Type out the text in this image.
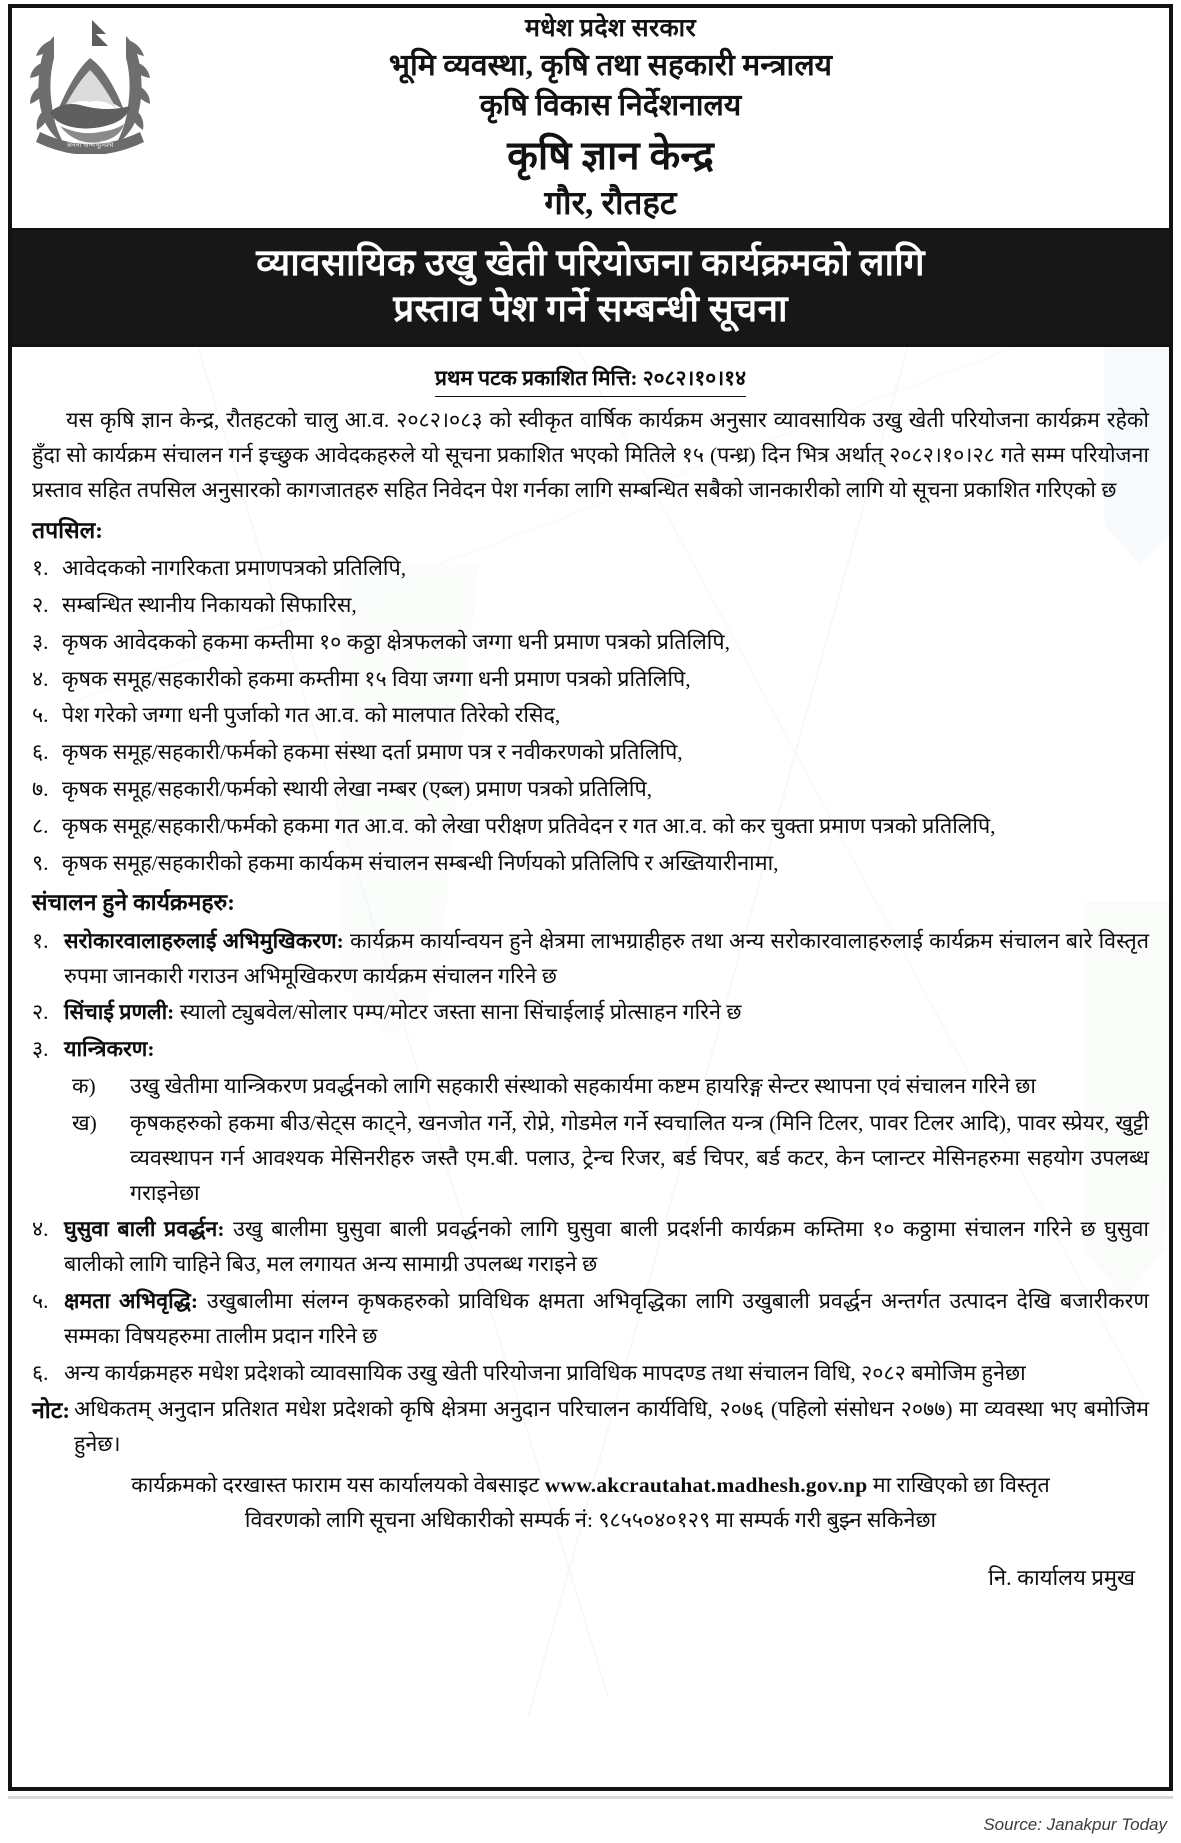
जननी जन्मभूमिश्च
मधेश प्रदेश सरकार
भूमि व्यवस्था, कृषि तथा सहकारी मन्त्रालय
कृषि विकास निर्देशनालय
कृषि ज्ञान केन्द्र
गौर, रौतहट
व्यावसायिक उखु खेती परियोजना कार्यक्रमको लागि
प्रस्ताव पेश गर्ने सम्बन्धी सूचना
प्रथम पटक प्रकाशित मित्ति: २०८२।१०।१४

यस कृषि ज्ञान केन्द्र, रौतहटको चालु आ.व. २०८२।०८३ को स्वीकृत वार्षिक कार्यक्रम अनुसार व्यावसायिक उखु खेती परियोजना कार्यक्रम रहेको हुँदा सो कार्यक्रम संचालन गर्न इच्छुक आवेदकहरुले यो सूचना प्रकाशित भएको मितिले १५ (पन्ध्र) दिन भित्र अर्थात् २०८२।१०।२८ गते सम्म परियोजना प्रस्ताव सहित तपसिल अनुसारको कागजातहरु सहित निवेदन पेश गर्नका लागि सम्बन्धित सबैको जानकारीको लागि यो सूचना प्रकाशित गरिएको छ

तपसिल:
१. आवेदकको नागरिकता प्रमाणपत्रको प्रतिलिपि,
२. सम्बन्धित स्थानीय निकायको सिफारिस,
३. कृषक आवेदकको हकमा कम्तीमा १० कठ्ठा क्षेत्रफलको जग्गा धनी प्रमाण पत्रको प्रतिलिपि,
४. कृषक समूह/सहकारीको हकमा कम्तीमा १५ विया जग्गा धनी प्रमाण पत्रको प्रतिलिपि,
५. पेश गरेको जग्गा धनी पुर्जाको गत आ.व. को मालपात तिरेको रसिद,
६. कृषक समूह/सहकारी/फर्मको हकमा संस्था दर्ता प्रमाण पत्र र नवीकरणको प्रतिलिपि,
७. कृषक समूह/सहकारी/फर्मको स्थायी लेखा नम्बर (एब्ल) प्रमाण पत्रको प्रतिलिपि,
८. कृषक समूह/सहकारी/फर्मको हकमा गत आ.व. को लेखा परीक्षण प्रतिवेदन र गत आ.व. को कर चुक्ता प्रमाण पत्रको प्रतिलिपि,
९. कृषक समूह/सहकारीको हकमा कार्यकम संचालन सम्बन्धी निर्णयको प्रतिलिपि र अख्तियारीनामा,
संचालन हुने कार्यक्रमहरु:
१. सरोकारवालाहरुलाई अभिमुखिकरण: कार्यक्रम कार्यान्वयन हुने क्षेत्रमा लाभग्राहीहरु तथा अन्य सरोकारवालाहरुलाई कार्यक्रम संचालन बारे विस्तृत रुपमा जानकारी गराउन अभिमूखिकरण कार्यक्रम संचालन गरिने छ
२. सिंचाई प्रणली: स्यालो ट्युबवेल/सोलार पम्प/मोटर जस्ता साना सिंचाईलाई प्रोत्साहन गरिने छ
३. यान्त्रिकरण:
क)	उखु खेतीमा यान्त्रिकरण प्रवर्द्धनको लागि सहकारी संस्थाको सहकार्यमा कष्टम हायरिङ्ग सेन्टर स्थापना एवं संचालन गरिने छा
ख)	कृषकहरुको हकमा बीउ/सेट्स काट्ने, खनजोत गर्ने, रोप्ने, गोडमेल गर्ने स्वचालित यन्त्र (मिनि टिलर, पावर टिलर आदि), पावर स्प्रेयर, खुट्टी व्यवस्थापन गर्न आवश्यक मेसिनरीहरु जस्तै एम.बी. पलाउ, ट्रेन्च रिजर, बर्ड चिपर, बर्ड कटर, केन प्लान्टर मेसिनहरुमा सहयोग उपलब्ध गराइनेछा
४. घुसुवा बाली प्रवर्द्धन: उखु बालीमा घुसुवा बाली प्रवर्द्धनको लागि घुसुवा बाली प्रदर्शनी कार्यक्रम कम्तिमा १० कठ्ठामा संचालन गरिने छ घुसुवा बालीको लागि चाहिने बिउ, मल लगायत अन्य सामाग्री उपलब्ध गराइने छ
५. क्षमता अभिवृद्धि: उखुबालीमा संलग्न कृषकहरुको प्राविधिक क्षमता अभिवृद्धिका लागि उखुबाली प्रवर्द्धन अन्तर्गत उत्पादन देखि बजारीकरण सम्मका विषयहरुमा तालीम प्रदान गरिने छ
६. अन्य कार्यक्रमहरु मधेश प्रदेशको व्यावसायिक उखु खेती परियोजना प्राविधिक मापदण्ड तथा संचालन विधि, २०८२ बमोजिम हुनेछा
नोट: अधिकतम् अनुदान प्रतिशत मधेश प्रदेशको कृषि क्षेत्रमा अनुदान परिचालन कार्यविधि, २०७६ (पहिलो संसोधन २०७७) मा व्यवस्था भए बमोजिम हुनेछ।
कार्यक्रमको दरखास्त फाराम यस कार्यालयको वेबसाइट www.akcrautahat.madhesh.gov.np मा राखिएको छा विस्तृत
विवरणको लागि सूचना अधिकारीको सम्पर्क नं: ९८५५०४०१२९ मा सम्पर्क गरी बुझ्न सकिनेछा
नि. कार्यालय प्रमुख
Source: Janakpur Today
